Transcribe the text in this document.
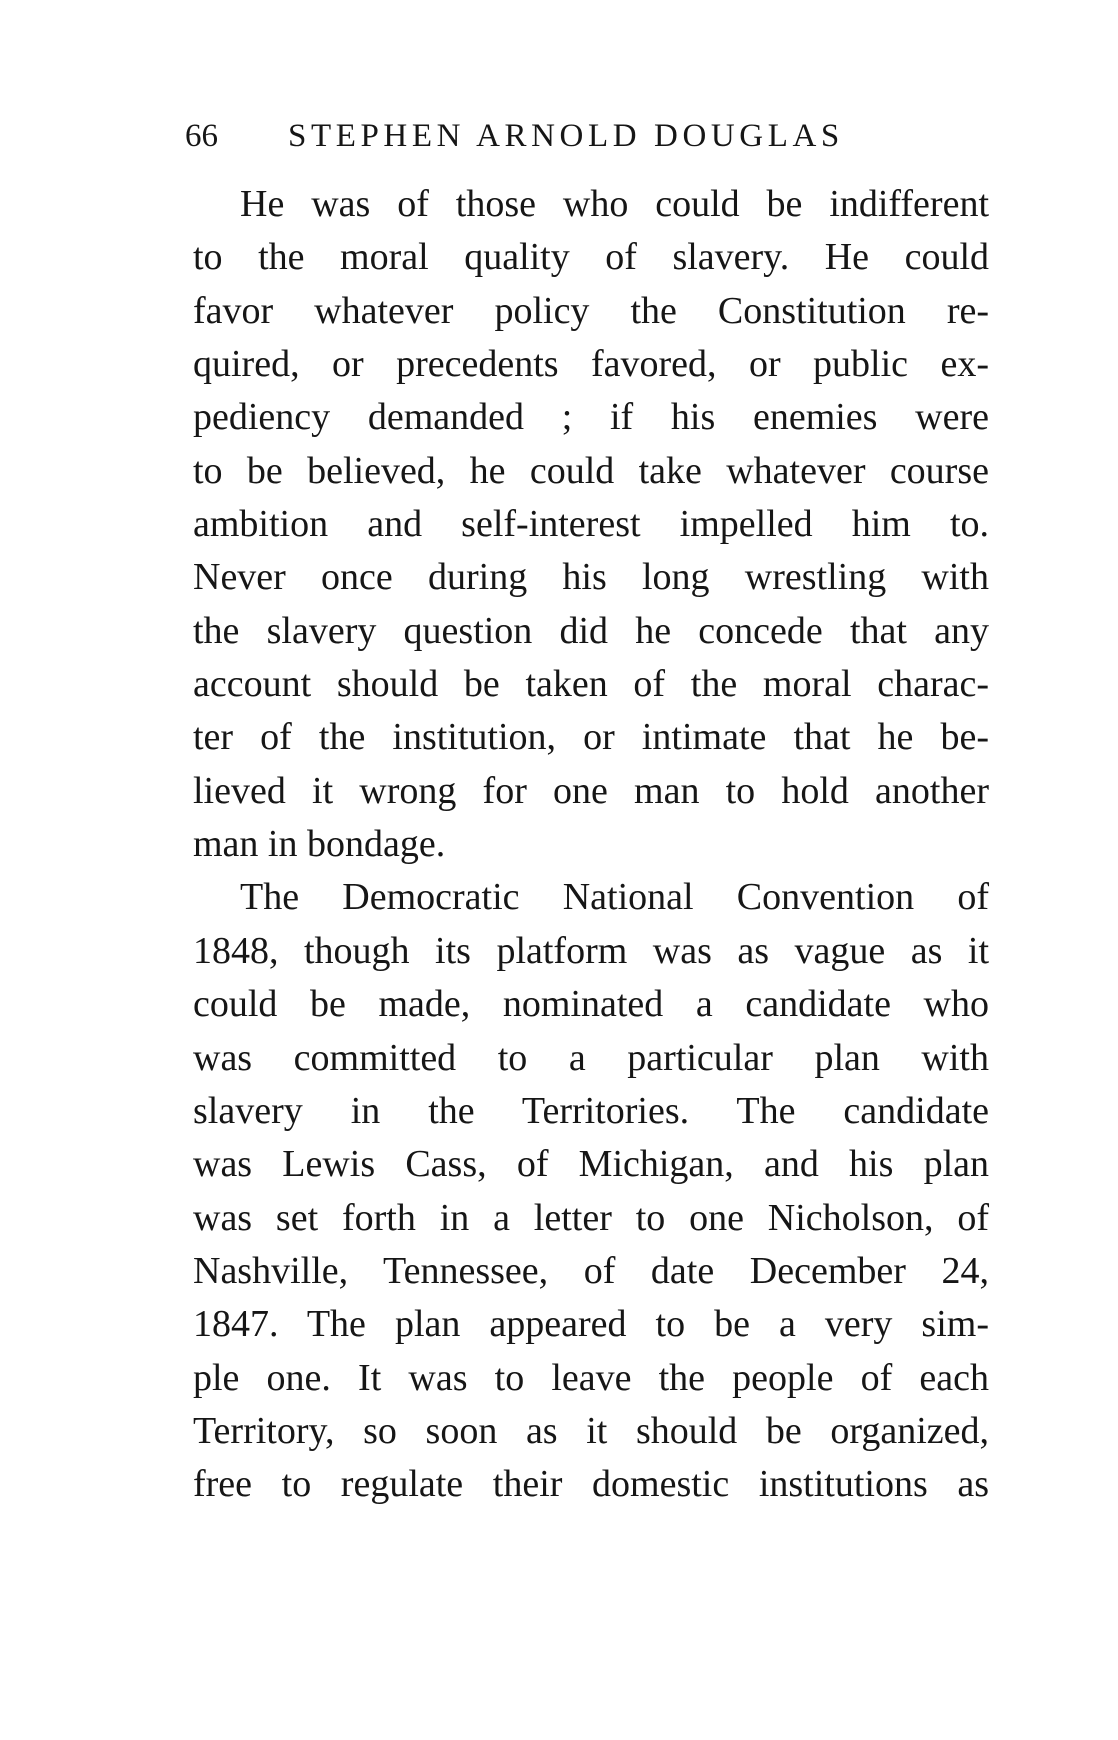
66 STEPHEN ARNOLD DOUGLAS
He was of those who could be indifferent
to the moral quality of slavery. He could
favor whatever policy the Constitution re-
quired, or precedents favored, or public ex-
pediency demanded ; if his enemies were
to be believed, he could take whatever course
ambition and self-interest impelled him to.
Never once during his long wrestling with
the slavery question did he concede that any
account should be taken of the moral charac-
ter of the institution, or intimate that he be-
lieved it wrong for one man to hold another
man in bondage.
The Democratic National Convention of
1848, though its platform was as vague as it
could be made, nominated a candidate who
was committed to a particular plan with
slavery in the Territories. The candidate
was Lewis Cass, of Michigan, and his plan
was set forth in a letter to one Nicholson, of
Nashville, Tennessee, of date December 24,
1847. The plan appeared to be a very sim-
ple one. It was to leave the people of each
Territory, so soon as it should be organized,
free to regulate their domestic institutions as
